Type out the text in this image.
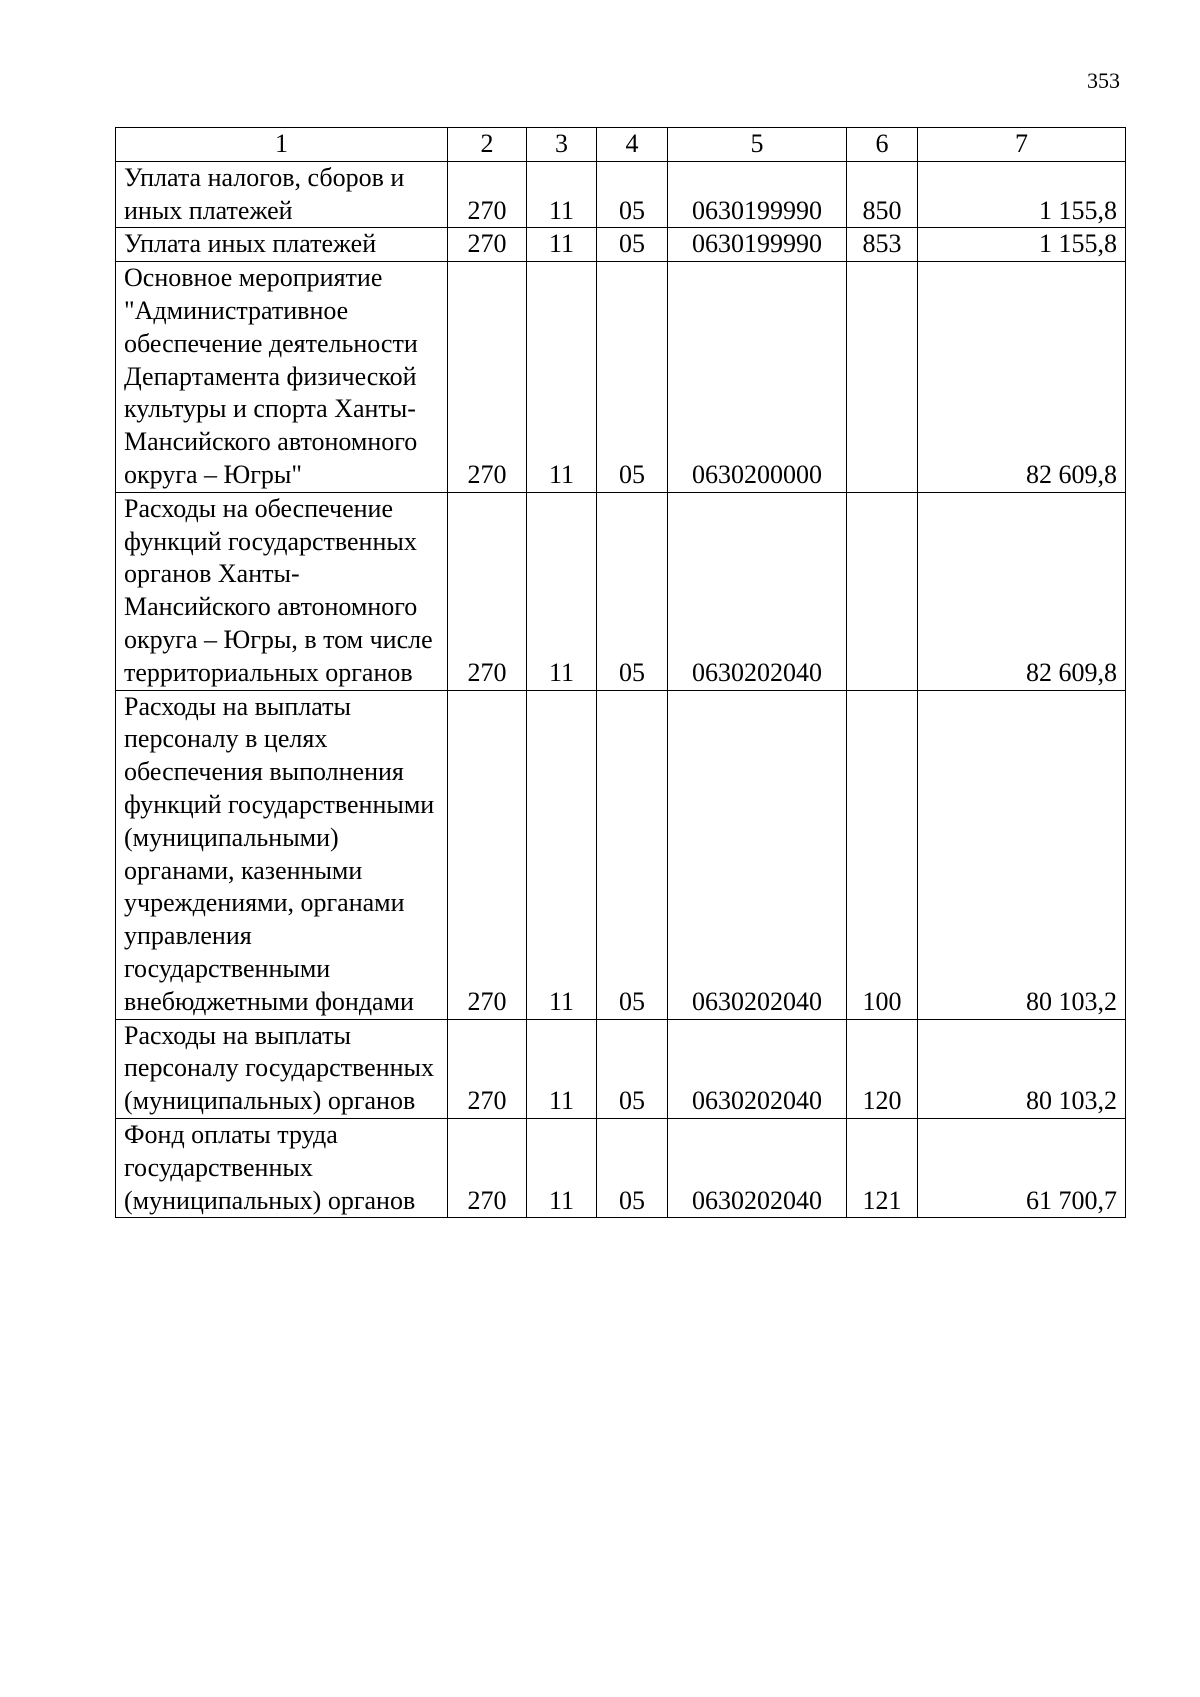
353
1	2	3	4	5	6	7
Уплата налогов, сборов и иных платежей	270	11	05	0630199990	850	1 155,8
Уплата иных платежей	270	11	05	0630199990	853	1 155,8
Основное мероприятие "Административное обеспечение деятельности Департамента физической культуры и спорта Ханты-Мансийского автономного округа – Югры"	270	11	05	0630200000		82 609,8
Расходы на обеспечение функций государственных органов Ханты-Мансийского автономного округа – Югры, в том числе территориальных органов	270	11	05	0630202040		82 609,8
Расходы на выплаты персоналу в целях обеспечения выполнения функций государственными (муниципальными) органами, казенными учреждениями, органами управления государственными внебюджетными фондами	270	11	05	0630202040	100	80 103,2
Расходы на выплаты персоналу государственных (муниципальных) органов	270	11	05	0630202040	120	80 103,2
Фонд оплаты труда государственных (муниципальных) органов	270	11	05	0630202040	121	61 700,7
